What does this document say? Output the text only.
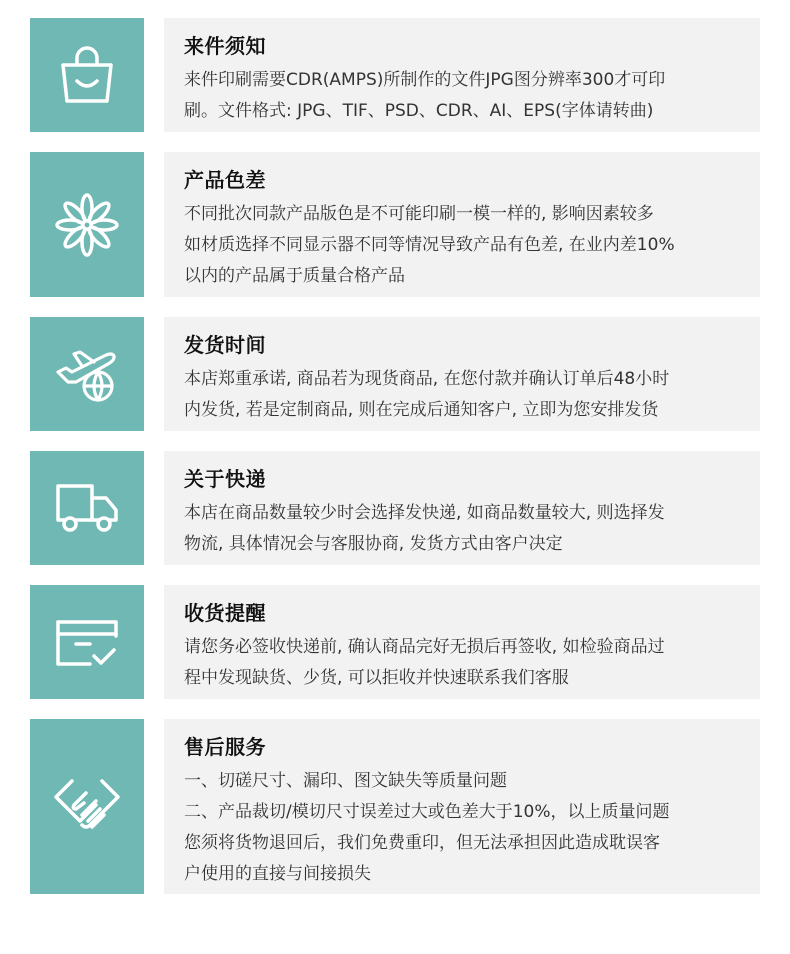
来件须知
来件印刷需要CDR(AMPS)所制作的文件JPG图分辨率300才可印
刷。文件格式: JPG、TIF、PSD、CDR、AI、EPS(字体请转曲)
产品色差
不同批次同款产品版色是不可能印刷一模一样的, 影响因素较多
如材质选择不同显示器不同等情况导致产品有色差, 在业内差10%
以内的产品属于质量合格产品
发货时间
本店郑重承诺, 商品若为现货商品, 在您付款并确认订单后48小时
内发货, 若是定制商品, 则在完成后通知客户, 立即为您安排发货
关于快递
本店在商品数量较少时会选择发快递, 如商品数量较大, 则选择发
物流, 具体情况会与客服协商, 发货方式由客户决定
收货提醒
请您务必签收快递前, 确认商品完好无损后再签收, 如检验商品过
程中发现缺货、少货, 可以拒收并快速联系我们客服
售后服务
一、切磋尺寸、漏印、图文缺失等质量问题
二、产品裁切/模切尺寸误差过大或色差大于10%，以上质量问题
您须将货物退回后，我们免费重印，但无法承担因此造成耽误客
户使用的直接与间接损失
